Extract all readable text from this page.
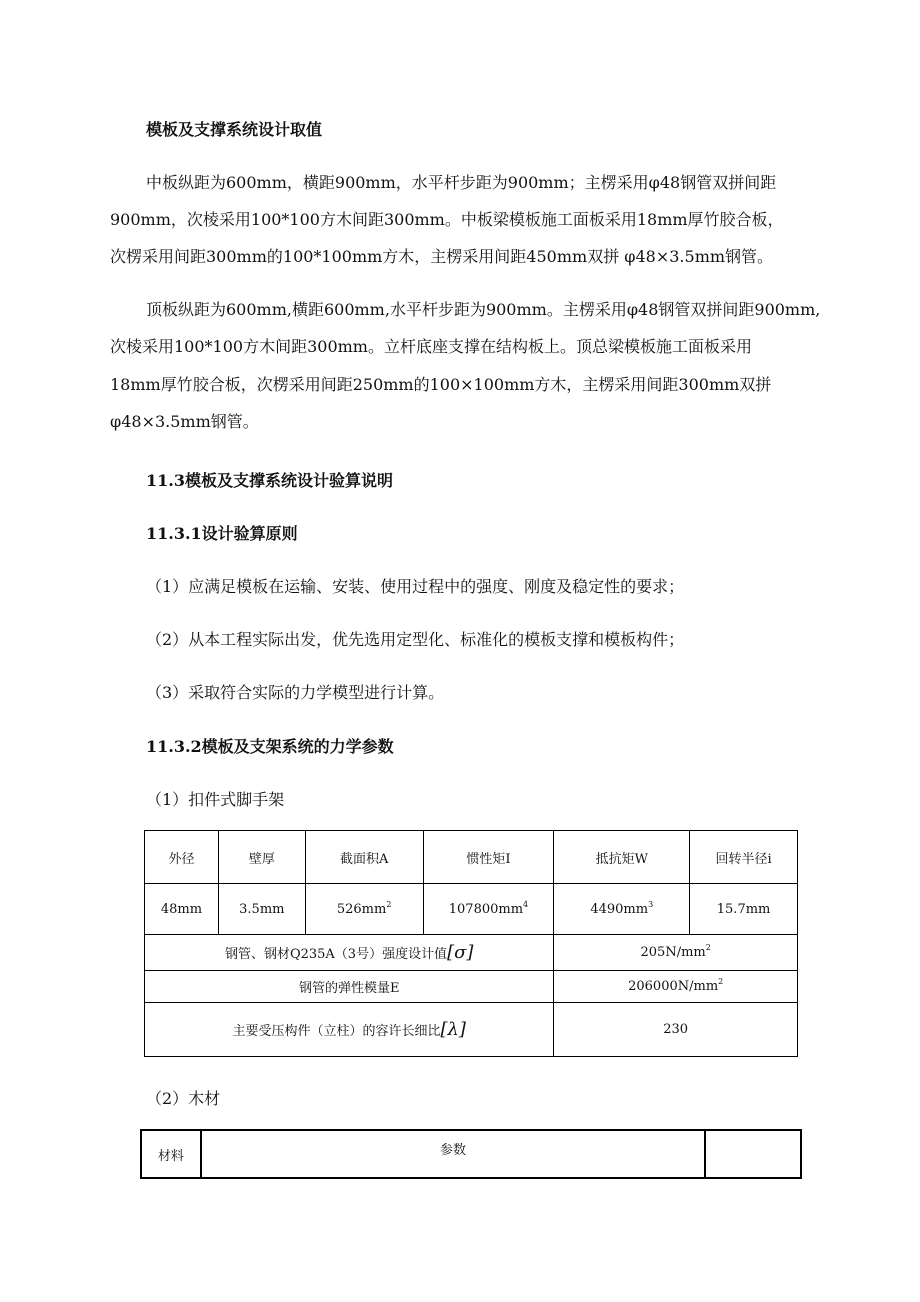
模板及支撑系统设计取值
中板纵距为600mm，横距900mm，水平杆步距为900mm；主楞采用φ48钢管双拼间距
900mm，次棱采用100*100方木间距300mm。中板梁模板施工面板采用18mm厚竹胶合板，
次楞采用间距300mm的100*100mm方木，主楞采用间距450mm双拼 φ48×3.5mm钢管。
顶板纵距为600mm,横距600mm,水平杆步距为900mm。主楞采用φ48钢管双拼间距900mm,
次棱采用100*100方木间距300mm。立杆底座支撑在结构板上。顶总梁模板施工面板采用
18mm厚竹胶合板，次楞采用间距250mm的100×100mm方木，主楞采用间距300mm双拼
φ48×3.5mm钢管。
11.3模板及支撑系统设计验算说明
11.3.1设计验算原则
（1）应满足模板在运输、安装、使用过程中的强度、刚度及稳定性的要求；
（2）从本工程实际出发，优先选用定型化、标准化的模板支撑和模板构件；
（3）采取符合实际的力学模型进行计算。
11.3.2模板及支架系统的力学参数
（1）扣件式脚手架
外径	壁厚	截面积A	惯性矩I	抵抗矩W	回转半径i
48mm	3.5mm	$526mm^2$	$107800mm^4$	$4490mm^3$	15.7mm
钢管、钢材Q235A（3号）强度设计值[σ]				$205N/mm^2$
钢管的弹性模量E				$206000N/mm^2$
主要受压构件（立柱）的容许长细比[λ]				230	
（2）木材
材料	参数	
